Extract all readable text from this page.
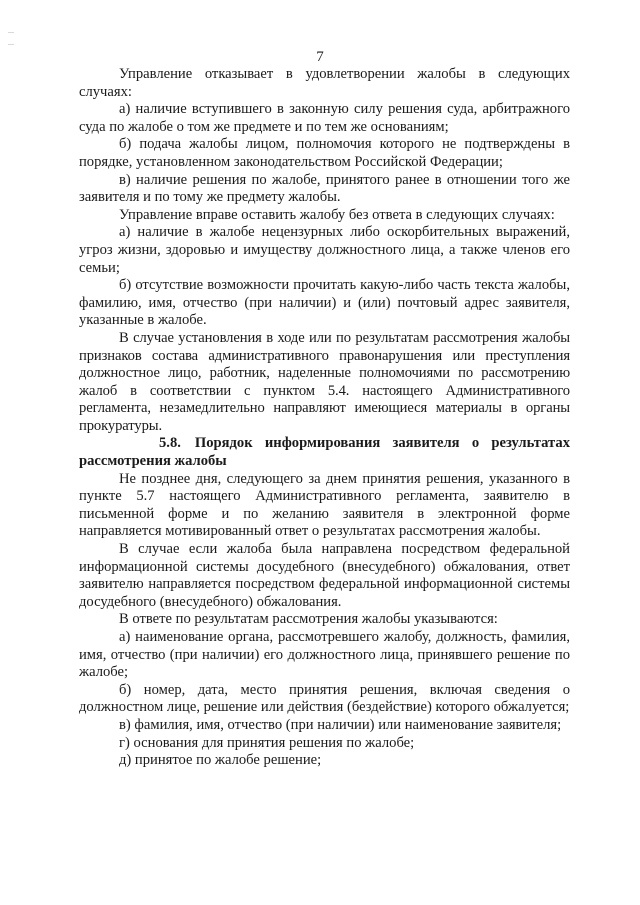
7

Управление отказывает в удовлетворении жалобы в следующих случаях:

а) наличие вступившего в законную силу решения суда, арбитражного суда по жалобе о том же предмете и по тем же основаниям;

б) подача жалобы лицом, полномочия которого не подтверждены в порядке, установленном законодательством Российской Федерации;

в) наличие решения по жалобе, принятого ранее в отношении того же заявителя и по тому же предмету жалобы.

Управление вправе оставить жалобу без ответа в следующих случаях:

а) наличие в жалобе нецензурных либо оскорбительных выражений, угроз жизни, здоровью и имуществу должностного лица, а также членов его семьи;

б) отсутствие возможности прочитать какую-либо часть текста жалобы, фамилию, имя, отчество (при наличии) и (или) почтовый адрес заявителя, указанные в жалобе.

В случае установления в ходе или по результатам рассмотрения жалобы признаков состава административного правонарушения или преступления должностное лицо, работник, наделенные полномочиями по рассмотрению жалоб в соответствии с пунктом 5.4. настоящего Административного регламента, незамедлительно направляют имеющиеся материалы в органы прокуратуры.

5.8. Порядок информирования заявителя о результатах рассмотрения жалобы

Не позднее дня, следующего за днем принятия решения, указанного в пункте 5.7 настоящего Административного регламента, заявителю в письменной форме и по желанию заявителя в электронной форме направляется мотивированный ответ о результатах рассмотрения жалобы.

В случае если жалоба была направлена посредством федеральной информационной системы досудебного (внесудебного) обжалования, ответ заявителю направляется посредством федеральной информационной системы досудебного (внесудебного) обжалования.

В ответе по результатам рассмотрения жалобы указываются:

а) наименование органа, рассмотревшего жалобу, должность, фамилия, имя, отчество (при наличии) его должностного лица, принявшего решение по жалобе;

б) номер, дата, место принятия решения, включая сведения о должностном лице, решение или действия (бездействие) которого обжалуется;

в) фамилия, имя, отчество (при наличии) или наименование заявителя;

г) основания для принятия решения по жалобе;

д) принятое по жалобе решение;
